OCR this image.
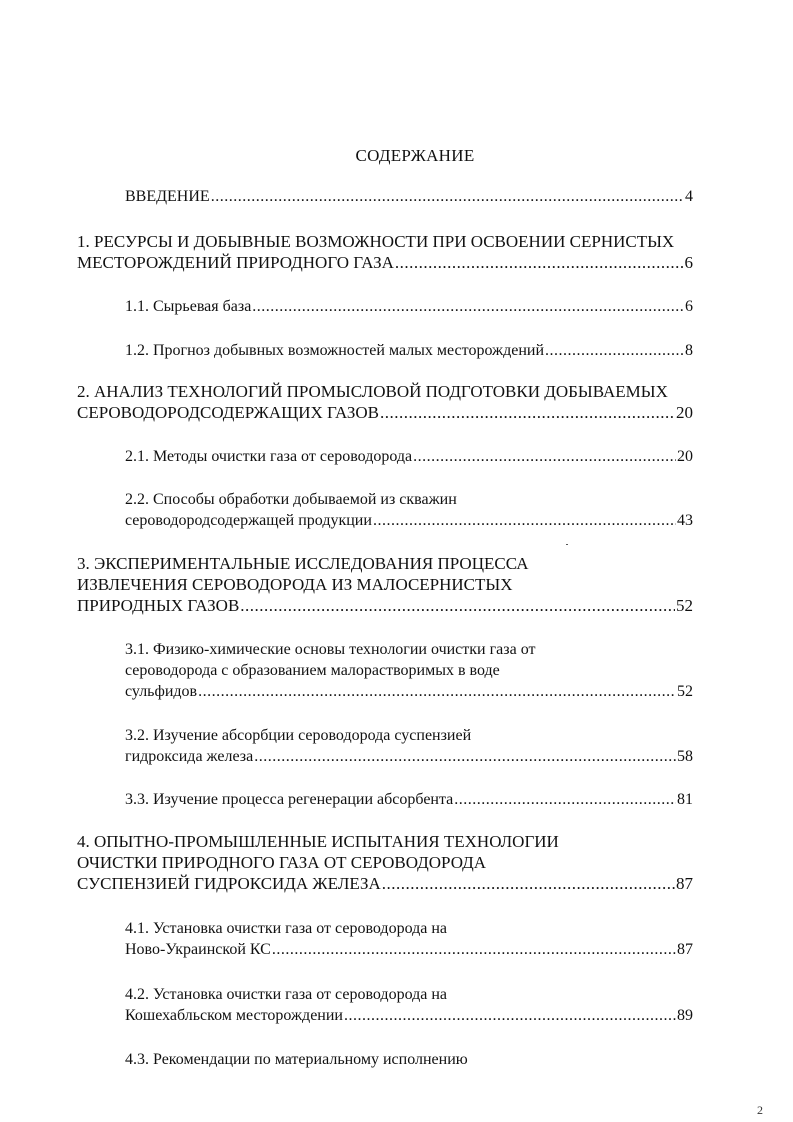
СОДЕРЖАНИЕ
ВВЕДЕНИЕ .....	4
1. РЕСУРСЫ И ДОБЫВНЫЕ ВОЗМОЖНОСТИ ПРИ ОСВОЕНИИ СЕРНИСТЫХ
МЕСТОРОЖДЕНИЙ ПРИРОДНОГО ГАЗА .....	6
1.1. Сырьевая база .....	6
1.2. Прогноз добывных возможностей малых месторождений .....	8
2. АНАЛИЗ ТЕХНОЛОГИЙ ПРОМЫСЛОВОЙ ПОДГОТОВКИ ДОБЫВАЕМЫХ
СЕРОВОДОРОДСОДЕРЖАЩИХ ГАЗОВ .....	20
2.1. Методы очистки газа от сероводорода .....	20
2.2. Способы обработки добываемой из скважин
сероводородсодержащей продукции .....	43
3. ЭКСПЕРИМЕНТАЛЬНЫЕ ИССЛЕДОВАНИЯ ПРОЦЕССА
ИЗВЛЕЧЕНИЯ СЕРОВОДОРОДА ИЗ МАЛОСЕРНИСТЫХ
ПРИРОДНЫХ ГАЗОВ .....	52
3.1. Физико-химические основы технологии очистки газа от
сероводорода с образованием малорастворимых в воде
сульфидов .....	52
3.2. Изучение абсорбции сероводорода суспензией
гидроксида железа .....	58
3.3. Изучение процесса регенерации абсорбента .....	81
4. ОПЫТНО-ПРОМЫШЛЕННЫЕ ИСПЫТАНИЯ ТЕХНОЛОГИИ
ОЧИСТКИ ПРИРОДНОГО ГАЗА ОТ СЕРОВОДОРОДА
СУСПЕНЗИЕЙ ГИДРОКСИДА ЖЕЛЕЗА .....	87
4.1. Установка очистки газа от сероводорода на
Ново-Украинской КС .....	87
4.2. Установка очистки газа от сероводорода на
Кошехабльском месторождении .....	89
4.3. Рекомендации по материальному исполнению
2
